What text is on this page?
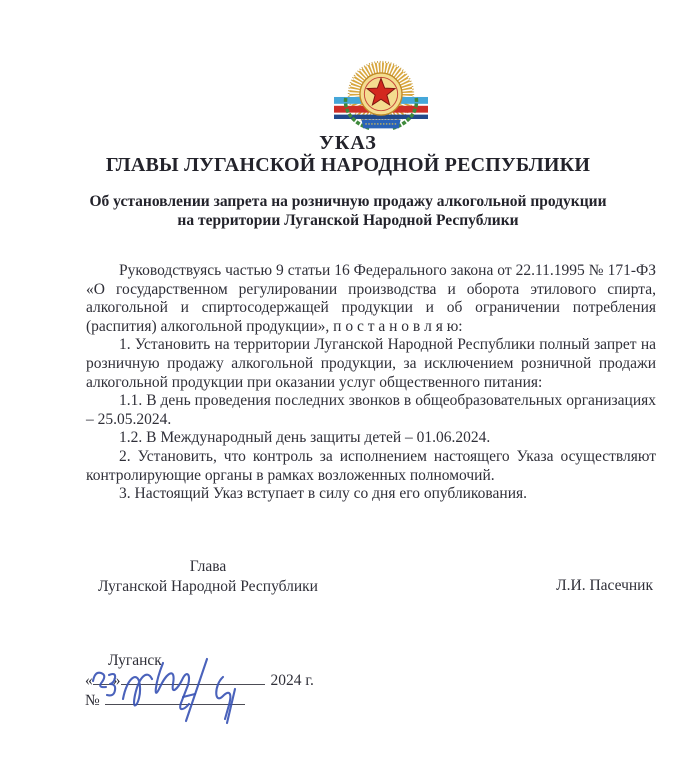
УКАЗ
ГЛАВЫ ЛУГАНСКОЙ НАРОДНОЙ РЕСПУБЛИКИ
Об установлении запрета на розничную продажу алкогольной продукции
на территории Луганской Народной Республики

Руководствуясь частью 9 статьи 16 Федерального закона от 22.11.1995 № 171-ФЗ «О государственном регулировании производства и оборота этилового спирта, алкогольной и спиртосодержащей продукции и об ограничении потребления (распития) алкогольной продукции», п о с т а н о в л я ю:

1. Установить на территории Луганской Народной Республики полный запрет на розничную продажу алкогольной продукции, за исключением розничной продажи алкогольной продукции при оказании услуг общественного питания:

1.1. В день проведения последних звонков в общеобразовательных организациях – 25.05.2024.

1.2. В Международный день защиты детей – 01.06.2024.

2. Установить, что контроль за исполнением настоящего Указа осуществляют контролирующие органы в рамках возложенных полномочий.

3. Настоящий Указ вступает в силу со дня его опубликования.

Глава
Луганской Народной Республики	Л.И. Пасечник
Луганск
« »	2024 г.
№
